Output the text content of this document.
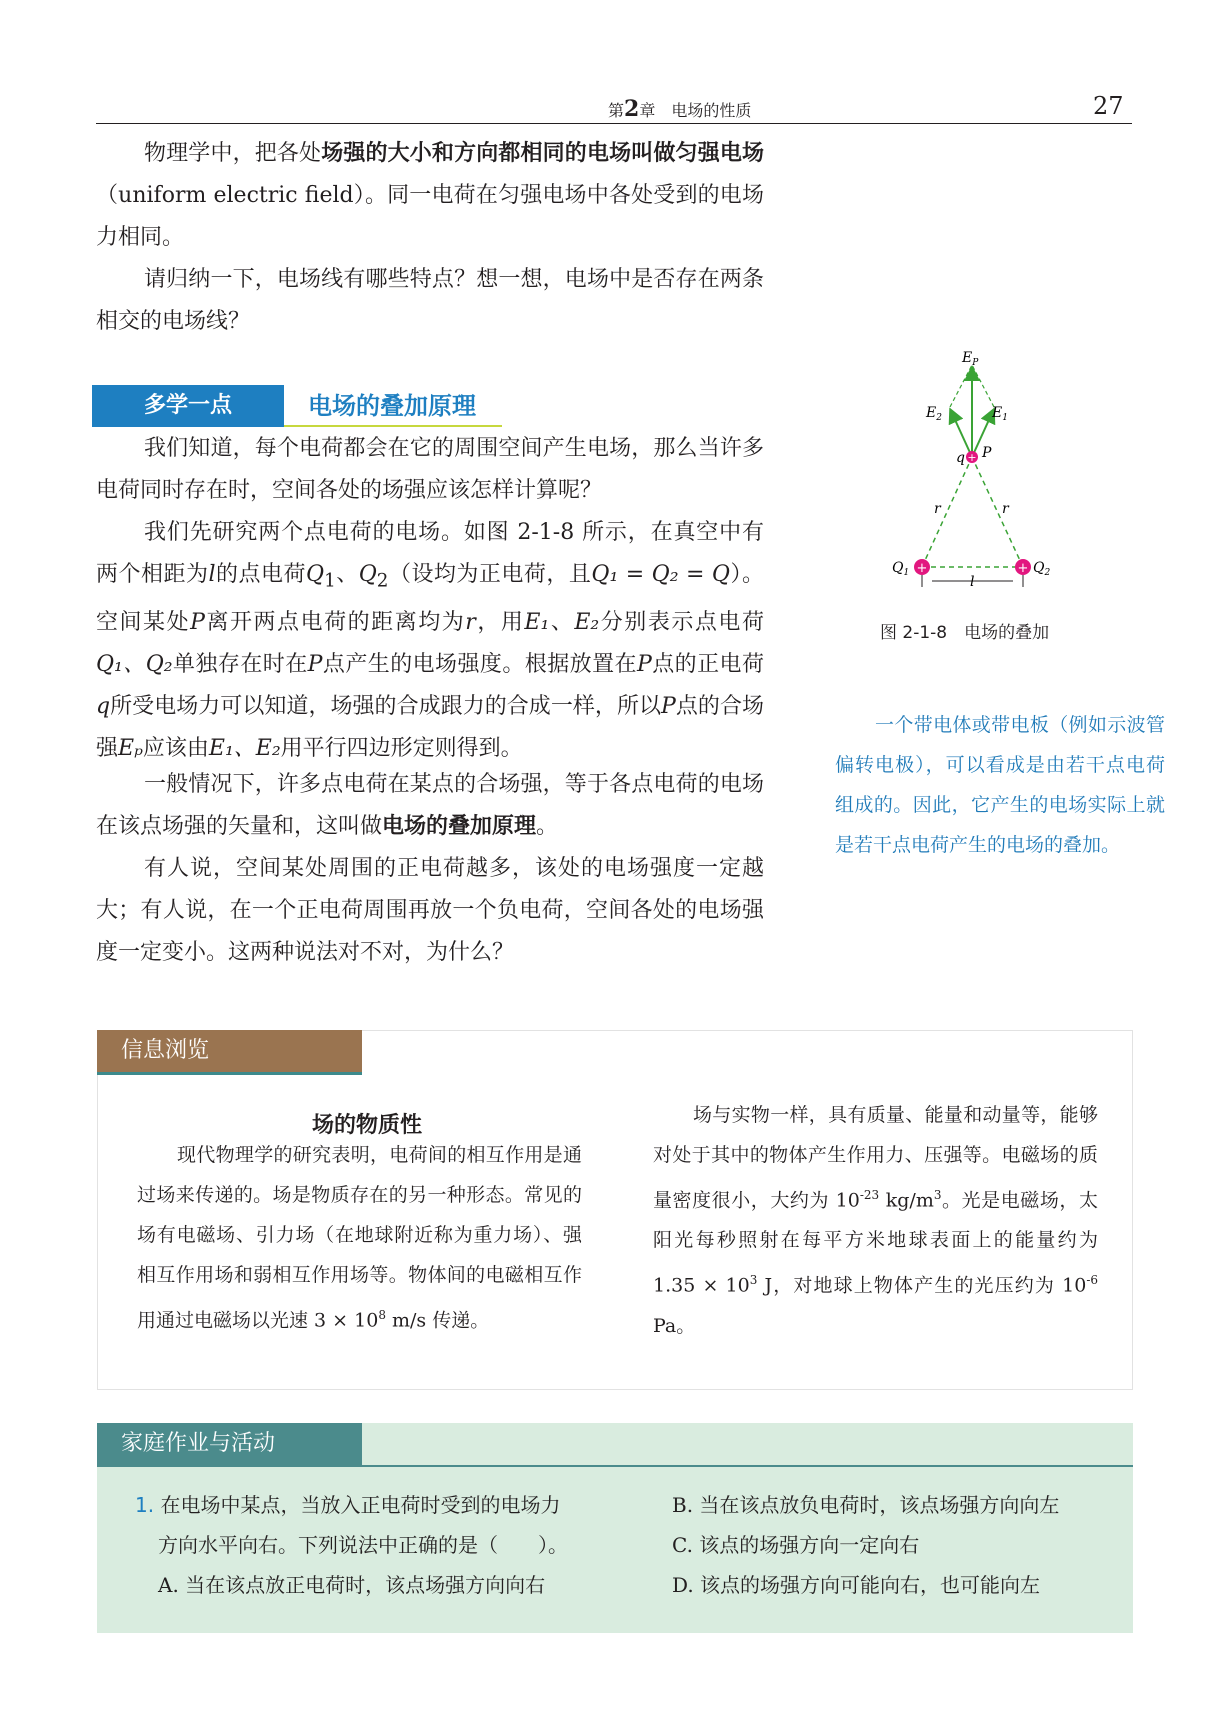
第2章　 电场的性质	27
物理学中，把各处场强的大小和方向都相同的电场叫做匀强电场（uniform electric field）。同一电荷在匀强电场中各处受到的电场力相同。
请归纳一下，电场线有哪些特点？想一想，电场中是否存在两条相交的电场线？
多学一点	电场的叠加原理
我们知道，每个电荷都会在它的周围空间产生电场，那么当许多电荷同时存在时，空间各处的场强应该怎样计算呢？
我们先研究两个点电荷的电场。如图 2-1-8 所示，在真空中有两个相距为l的点电荷$Q_1$、$Q_2$（设均为正电荷，且Q₁ = Q₂ = Q）。空间某处P离开两点电荷的距离均为r，用E₁、E₂分别表示点电荷Q₁、Q₂单独存在时在P点产生的电场强度。根据放置在P点的正电荷q所受电场力可以知道，场强的合成跟力的合成一样，所以P点的合场强Eₚ应该由E₁、E₂用平行四边形定则得到。
一般情况下，许多点电荷在某点的合场强，等于各点电荷的电场在该点场强的矢量和，这叫做电场的叠加原理。
有人说，空间某处周围的正电荷越多，该处的电场强度一定越大；有人说，在一个正电荷周围再放一个负电荷，空间各处的电场强度一定变小。这两种说法对不对，为什么？
+
+	+
$E_P$
$E_2$	$E_1$
q P
r	r
$Q_1$	$Q_2$
l
图 2-1-8　电场的叠加
一个带电体或带电板（例如示波管偏转电极），可以看成是由若干点电荷组成的。因此，它产生的电场实际上就是若干点电荷产生的电场的叠加。
信息浏览
场的物质性
现代物理学的研究表明，电荷间的相互作用是通过场来传递的。场是物质存在的另一种形态。常见的场有电磁场、引力场（在地球附近称为重力场）、强相互作用场和弱相互作用场等。物体间的电磁相互作用通过电磁场以光速 $3 \times 10^8$ m/s 传递。
场与实物一样，具有质量、能量和动量等，能够对处于其中的物体产生作用力、压强等。电磁场的质量密度很小，大约为 $10^{-23}$ $kg/m^3$。光是电磁场，太阳光每秒照射在每平方米地球表面上的能量约为 $1.35 \times 10^3$ J，对地球上物体产生的光压约为 $10^{-6}$ Pa。
家庭作业与活动
1. 在电场中某点，当放入正电荷时受到的电场力
方向水平向右。下列说法中正确的是（　　）。
A. 当在该点放正电荷时，该点场强方向向右
B. 当在该点放负电荷时，该点场强方向向左
C. 该点的场强方向一定向右
D. 该点的场强方向可能向右，也可能向左
